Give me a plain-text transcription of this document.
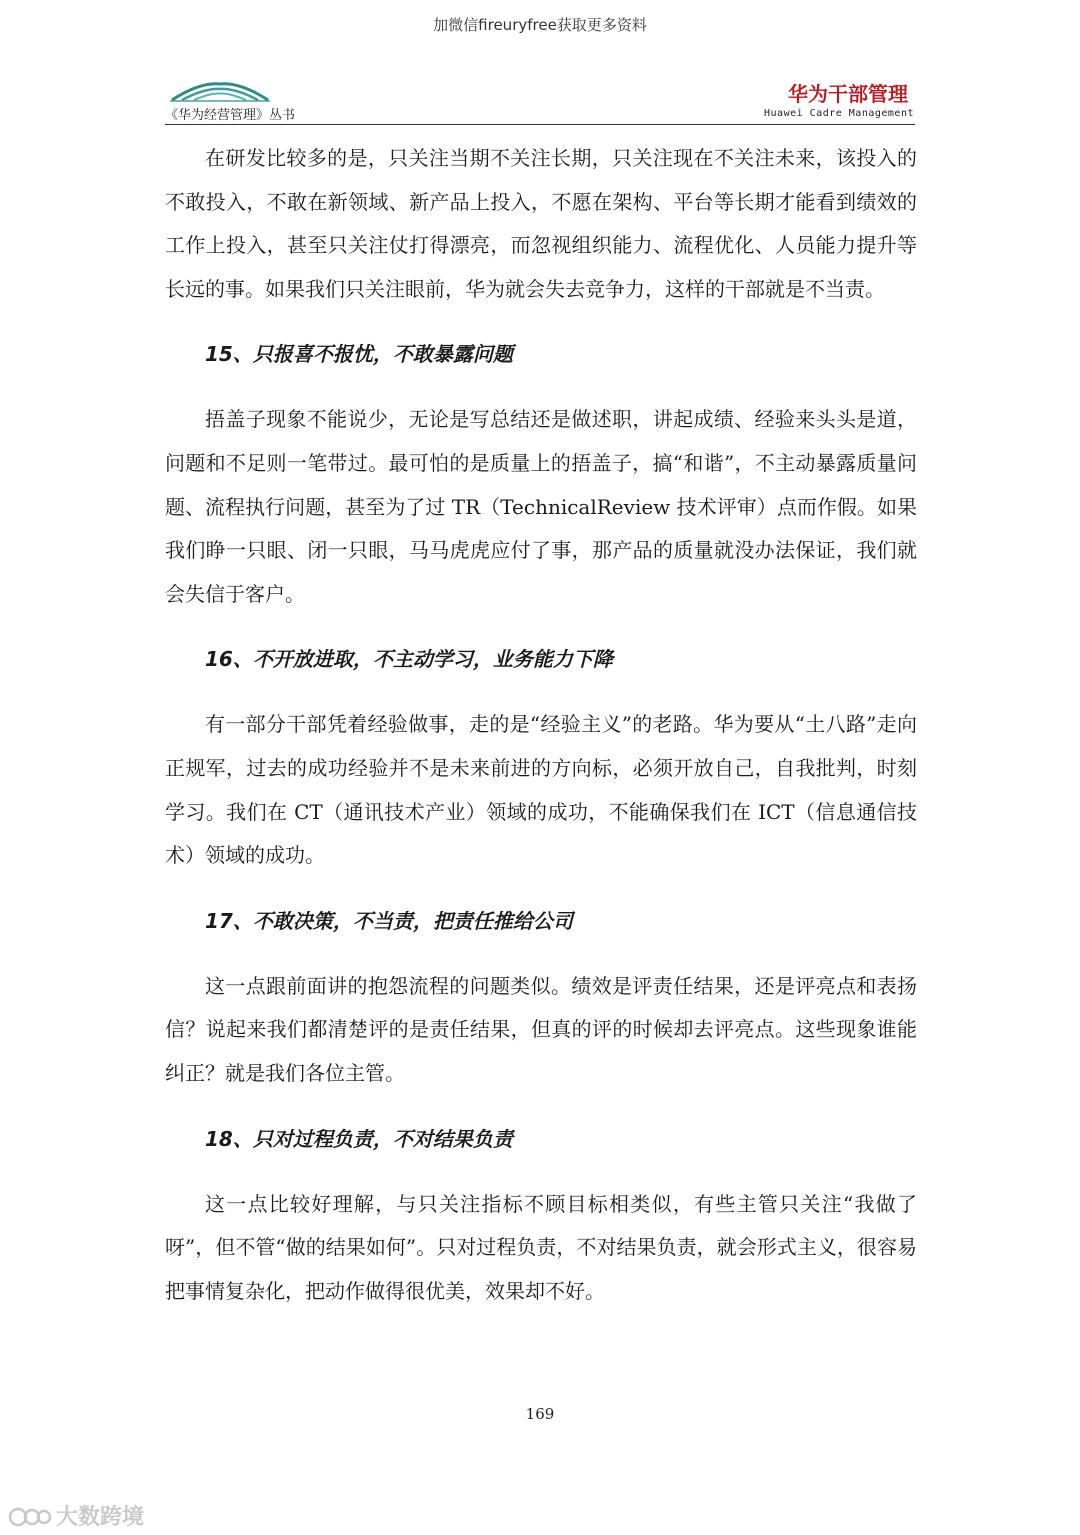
加微信fireuryfree获取更多资料
《华为经营管理》丛书
华为干部管理
Huawei Cadre Management

在研发比较多的是，只关注当期不关注长期，只关注现在不关注未来，该投入的不敢投入，不敢在新领域、新产品上投入，不愿在架构、平台等长期才能看到绩效的工作上投入，甚至只关注仗打得漂亮，而忽视组织能力、流程优化、人员能力提升等长远的事。如果我们只关注眼前，华为就会失去竞争力，这样的干部就是不当责。

15、只报喜不报忧，不敢暴露问题

捂盖子现象不能说少，无论是写总结还是做述职，讲起成绩、经验来头头是道，问题和不足则一笔带过。最可怕的是质量上的捂盖子，搞“和谐”，不主动暴露质量问题、流程执行问题，甚至为了过 TR（TechnicalReview 技术评审）点而作假。如果我们睁一只眼、闭一只眼，马马虎虎应付了事，那产品的质量就没办法保证，我们就会失信于客户。

16、不开放进取，不主动学习，业务能力下降

有一部分干部凭着经验做事，走的是“经验主义”的老路。华为要从“土八路”走向正规军，过去的成功经验并不是未来前进的方向标，必须开放自己，自我批判，时刻学习。我们在 CT（通讯技术产业）领域的成功，不能确保我们在 ICT（信息通信技术）领域的成功。

17、不敢决策，不当责，把责任推给公司

这一点跟前面讲的抱怨流程的问题类似。绩效是评责任结果，还是评亮点和表扬信？说起来我们都清楚评的是责任结果，但真的评的时候却去评亮点。这些现象谁能纠正？就是我们各位主管。

18、只对过程负责，不对结果负责

这一点比较好理解，与只关注指标不顾目标相类似，有些主管只关注“我做了呀”，但不管“做的结果如何”。只对过程负责，不对结果负责，就会形式主义，很容易把事情复杂化，把动作做得很优美，效果却不好。

169
大数跨境
